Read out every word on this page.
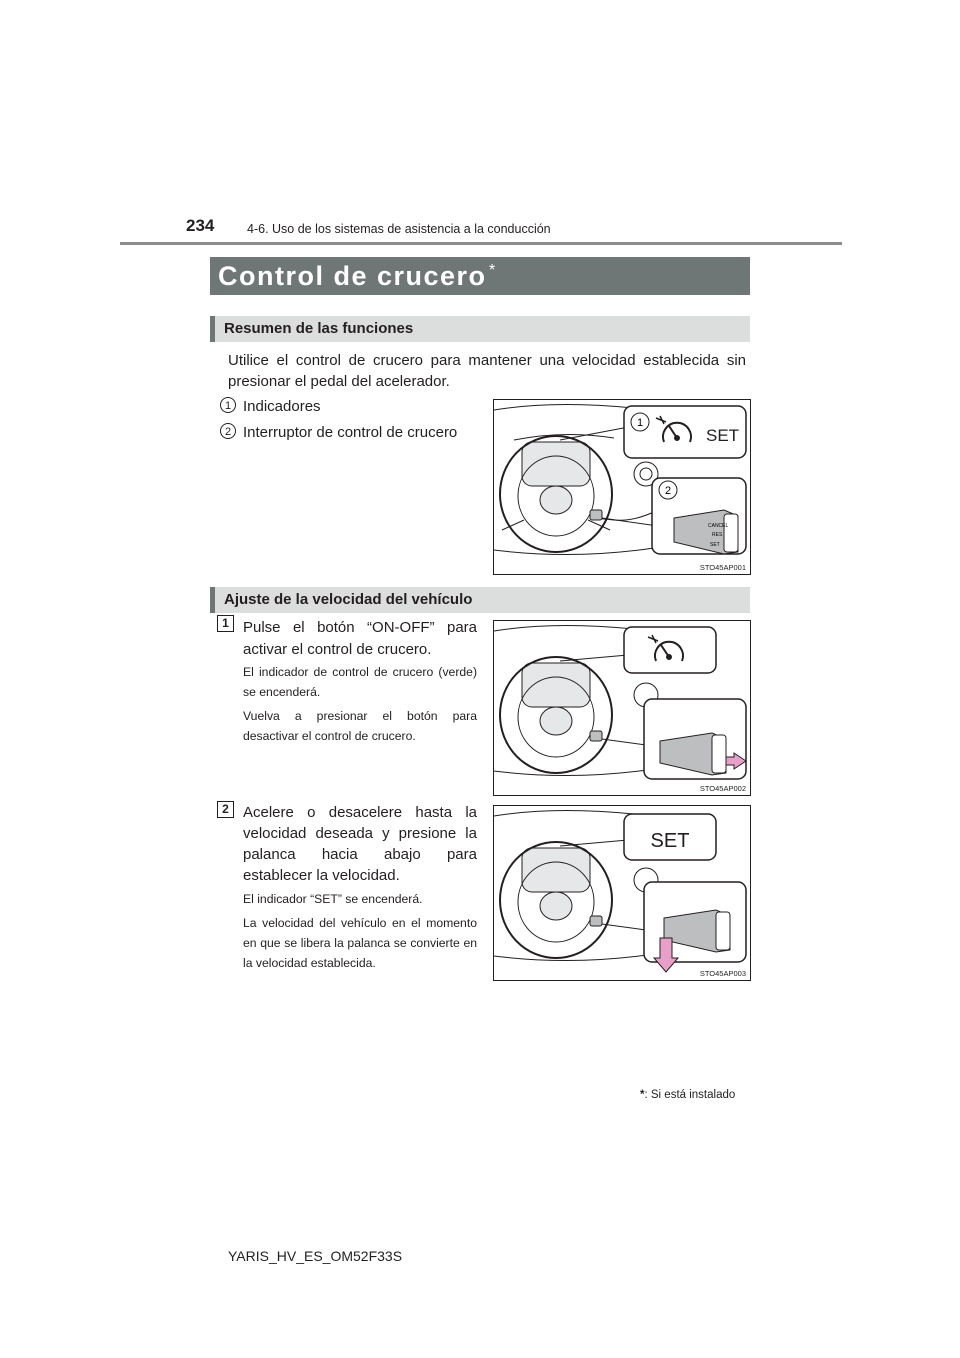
234	4-6. Uso de los sistemas de asistencia a la conducción
Control de crucero *
Resumen de las funciones
Utilice el control de crucero para mantener una velocidad establecida sin presionar el pedal del acelerador.
1 Indicadores
2 Interruptor de control de crucero
1
SET
2
CANCEL
RES
SET
STO45AP001
Ajuste de la velocidad del vehículo
1 Pulse el botón “ON-OFF” para activar el control de crucero.
El indicador de control de crucero (verde) se encenderá.
Vuelva a presionar el botón para desactivar el control de crucero.
STO45AP002
2 Acelere o desacelere hasta la velocidad deseada y presione la palanca hacia abajo para establecer la velocidad.
El indicador “SET” se encenderá.
La velocidad del vehículo en el momento en que se libera la palanca se convierte en la velocidad establecida.
SET
STO45AP003
*: Si está instalado
YARIS_HV_ES_OM52F33S
